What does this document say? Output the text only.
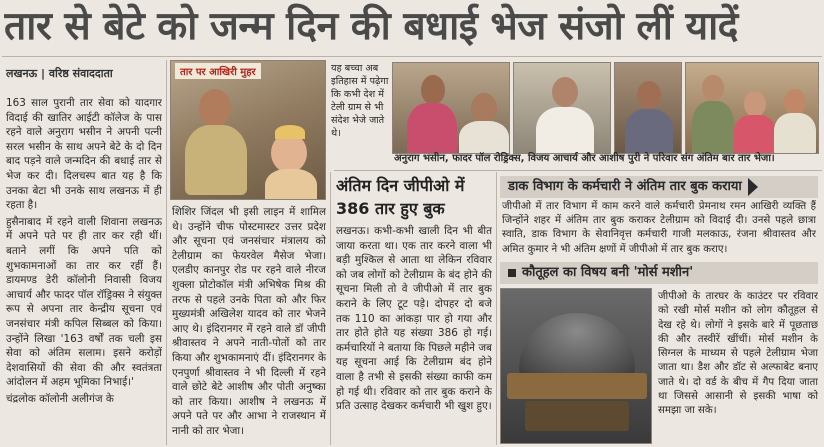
तार से बेटे को जन्म दिन की बधाई भेज संजो लीं यादें
लखनऊ | वरिष्ठ संवाददाता

163 साल पुरानी तार सेवा को यादगार विदाई की खातिर आईटी कॉलेज के पास रहने वाले अनुराग भसीन ने अपनी पत्नी सरल भसीन के साथ अपने बेटे के दो दिन बाद पड़ने वाले जन्मदिन की बधाई तार से भेज कर दी। दिलचस्प बात यह है कि उनका बेटा भी उनके साथ लखनऊ में ही रहता है।

हुसैनाबाद में रहने वाली शिवाना लखनऊ में अपने पते पर ही तार कर रही थीं। बताने लगीं कि अपने पति को शुभकामनाओं का तार कर रहीं हैं। डायमण्ड डेरी कॉलोनी निवासी विजय आचार्य और फादर पॉल रॉड्रिक्स ने संयुक्त रूप से अपना तार केन्द्रीय सूचना एवं जनसंचार मंत्री कपिल सिब्बल को किया। उन्होंने लिखा '163 वर्षों तक चली इस सेवा को अंतिम सलाम। इसने करोड़ों देशवासियों की सेवा की और स्वतंत्रता आंदोलन में अहम भूमिका निभाई।'

चंद्रलोक कॉलोनी अलीगंज के

तार पर आखिरी मुहर	यह बच्चा अब इतिहास में पढ़ेगा कि कभी देश में टेली ग्राम से भी संदेश भेजे जाते थे।

शिशिर जिंदल भी इसी लाइन में शामिल थे। उन्होंने चीफ पोस्टमास्टर उत्तर प्रदेश और सूचना एवं जनसंचार मंत्रालय को टेलीग्राम का फेयरवेल मैसेज भेजा। एलडीए कानपुर रोड पर रहने वाले नीरज शुक्ला प्रोटोकॉल मंत्री अभिषेक मिश्र की तरफ से पहले उनके पिता को और फिर मुख्यमंत्री अखिलेश यादव को तार भेजने आए थे। इंदिरानगर में रहने वाले डॉ जीपी श्रीवास्तव ने अपने नाती-पोतों को तार किया और शुभकामनाएं दीं। इंदिरानगर के एनपुर्णा श्रीवास्तव ने भी दिल्ली में रहने वाले छोटे बेटे आशीष और पोती अनुष्का को तार किया। आशीष ने लखनऊ में अपने पते पर और आभा ने राजस्थान में नानी को तार भेजा।

अनुराग भसीन, फादर पॉल रोड्रिक्स, विजय आचार्य और आशीष पुरी ने परिवार संग अंतिम बार तार भेजा।
अंतिम दिन जीपीओ में 386 तार हुए बुक

लखनऊ। कभी-कभी खाली दिन भी बीत जाया करता था। एक तार करने वाला भी बड़ी मुश्किल से आता था लेकिन रविवार को जब लोगों को टेलीग्राम के बंद होने की सूचना मिली तो वे जीपीओ में तार बुक कराने के लिए टूट पड़े। दोपहर दो बजे तक 110 का आंकड़ा पार हो गया और तार होते होते यह संख्या 386 हो गई। कर्मचारियों ने बताया कि पिछले महीने जब यह सूचना आई कि टेलीग्राम बंद होने वाला है तभी से इसकी संख्या काफी कम हो गई थी। रविवार को तार बुक कराने के प्रति उत्साह देखकर कर्मचारी भी खुश हुए।

डाक विभाग के कर्मचारी ने अंतिम तार बुक कराया

जीपीओ में तार विभाग में काम करने वाले कर्मचारी प्रेमनाथ रमन आखिरी व्यक्ति हैं जिन्होंने शहर में अंतिम तार बुक कराकर टेलीग्राम को विदाई दी। उनसे पहले छात्रा स्वाति, डाक विभाग के सेवानिवृत्त कर्मचारी गाजी मलकाऊ, रंजना श्रीवास्तव और अमित कुमार ने भी अंतिम क्षणों में जीपीओ में तार बुक कराए।

कौतूहल का विषय बनी 'मोर्स मशीन'

जीपीओ के तारघर के काउंटर पर रविवार को रखी मोर्स मशीन को लोग कौतूहल से देख रहे थे। लोगों ने इसके बारे में पूछताछ की और तस्वीरें खींचीं। मोर्स मशीन के सिग्नल के माध्यम से पहले टेलीग्राम भेजा जाता था। डैश और डॉट से अल्फाबेट बनाए जाते थे। दो वर्ड के बीच में गैप दिया जाता था जिससे आसानी से इसकी भाषा को समझा जा सके।
